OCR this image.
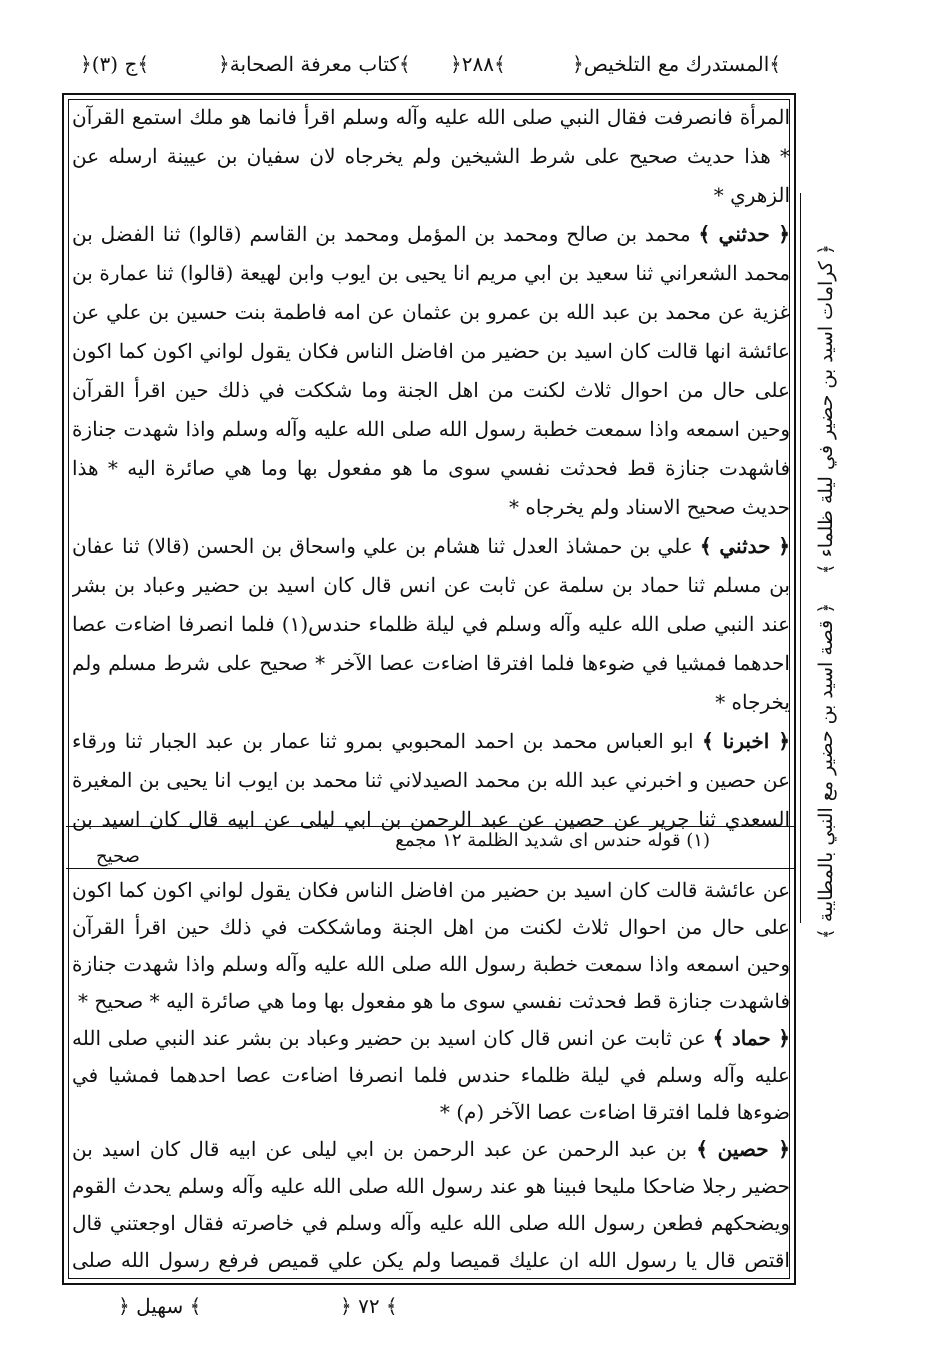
﴿ج (۳)﴾	﴿كتاب معرفة الصحابة﴾ ﴿۲۸۸﴾	﴿المستدرك مع التلخيص﴾

المرأة فانصرفت فقال النبي صلى الله عليه وآله وسلم اقرأ فانما هو ملك استمع القرآن * هذا حديث صحيح على شرط الشيخين ولم يخرجاه لان سفيان بن عيينة ارسله عن الزهري *

﴿ حدثني ﴾ محمد بن صالح ومحمد بن المؤمل ومحمد بن القاسم (قالوا) ثنا الفضل بن محمد الشعراني ثنا سعيد بن ابي مريم انا يحيى بن ايوب وابن لهيعة (قالوا) ثنا عمارة بن غزية عن محمد بن عبد الله بن عمرو بن عثمان عن امه فاطمة بنت حسين بن علي عن عائشة انها قالت كان اسيد بن حضير من افاضل الناس فكان يقول لواني اكون كما اكون على حال من احوال ثلاث لكنت من اهل الجنة وما شككت في ذلك حين اقرأ القرآن وحين اسمعه واذا سمعت خطبة رسول الله صلى الله عليه وآله وسلم واذا شهدت جنازة فاشهدت جنازة قط فحدثت نفسي سوى ما هو مفعول بها وما هي صائرة اليه * هذا حديث صحيح الاسناد ولم يخرجاه *

﴿ حدثني ﴾ علي بن حمشاذ العدل ثنا هشام بن علي واسحاق بن الحسن (قالا) ثنا عفان بن مسلم ثنا حماد بن سلمة عن ثابت عن انس قال كان اسيد بن حضير وعباد بن بشر عند النبي صلى الله عليه وآله وسلم في ليلة ظلماء حندس(۱) فلما انصرفا اضاءت عصا احدهما فمشيا في ضوءها فلما افترقا اضاءت عصا الآخر * صحيح على شرط مسلم ولم يخرجاه *

﴿ اخبرنا ﴾ ابو العباس محمد بن احمد المحبوبي بمرو ثنا عمار بن عبد الجبار ثنا ورقاء عن حصين و اخبرني عبد الله بن محمد الصيدلاني ثنا محمد بن ايوب انا يحيى بن المغيرة السعدي ثنا جرير عن حصين عن عبد الرحمن بن ابي ليلى عن ابيه قال كان اسيد بن

(۱) قوله حندس اى شديد الظلمة ۱۲ مجمع
صحيح

عن عائشة قالت كان اسيد بن حضير من افاضل الناس فكان يقول لواني اكون كما اكون على حال من احوال ثلاث لكنت من اهل الجنة وماشككت في ذلك حين اقرأ القرآن وحين اسمعه واذا سمعت خطبة رسول الله صلى الله عليه وآله وسلم واذا شهدت جنازة فاشهدت جنازة قط فحدثت نفسي سوى ما هو مفعول بها وما هي صائرة اليه * صحيح *

﴿ حماد ﴾ عن ثابت عن انس قال كان اسيد بن حضير وعباد بن بشر عند النبي صلى الله عليه وآله وسلم في ليلة ظلماء حندس فلما انصرفا اضاءت عصا احدهما فمشيا في ضوءها فلما افترقا اضاءت عصا الآخر (م) *

﴿ حصين ﴾ بن عبد الرحمن عن عبد الرحمن بن ابي ليلى عن ابيه قال كان اسيد بن حضير رجلا ضاحكا مليحا فبينا هو عند رسول الله صلى الله عليه وآله وسلم يحدث القوم ويضحكهم فطعن رسول الله صلى الله عليه وآله وسلم في خاصرته فقال اوجعتني قال اقتص قال يا رسول الله ان عليك قميصا ولم يكن علي قميص فرفع رسول الله صلى

﴿ كرامات اسيد بن حضير في ليلة ظلماء ﴾
﴿ قصة اسيد بن حضير مع النبي بالمطايبة ﴾
﴿ سهيل ﴾	﴿ ۷۲ ﴾
